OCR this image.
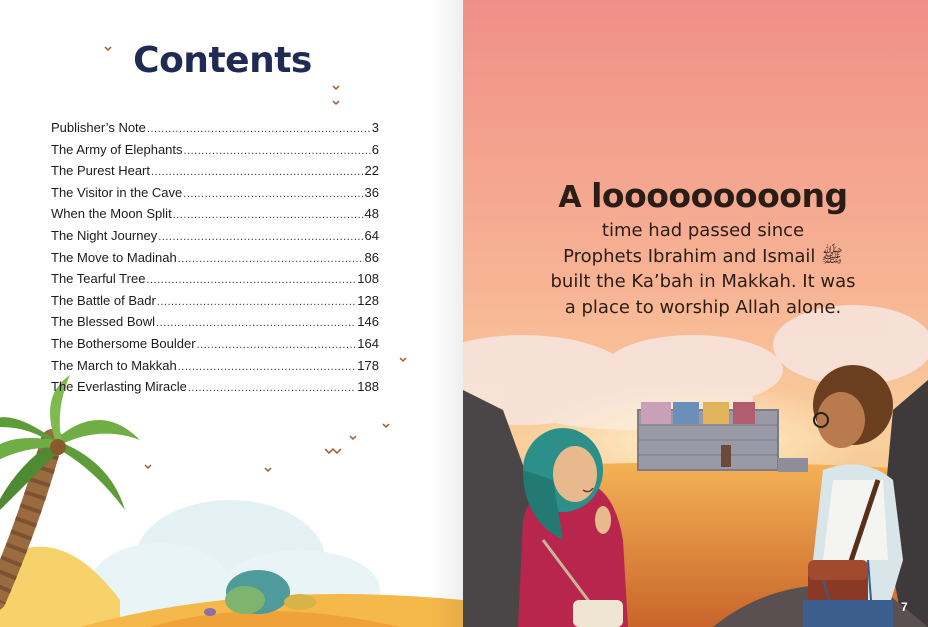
Contents
Publisher’s Note .....	3
The Army of Elephants .....	6
The Purest Heart .....	22
The Visitor in the Cave .....	36
When the Moon Split .....	48
The Night Journey .....	64
The Move to Madinah .....	86
The Tearful Tree .....	108
The Battle of Badr .....	128
The Blessed Bowl .....	146
The Bothersome Boulder .....	164
The March to Makkah .....	178
The Everlasting Miracle .....	188
A looooooooong
time had passed since
Prophets Ibrahim and Ismail ﷺ
built the Ka’bah in Makkah. It was
a place to worship Allah alone.
7
